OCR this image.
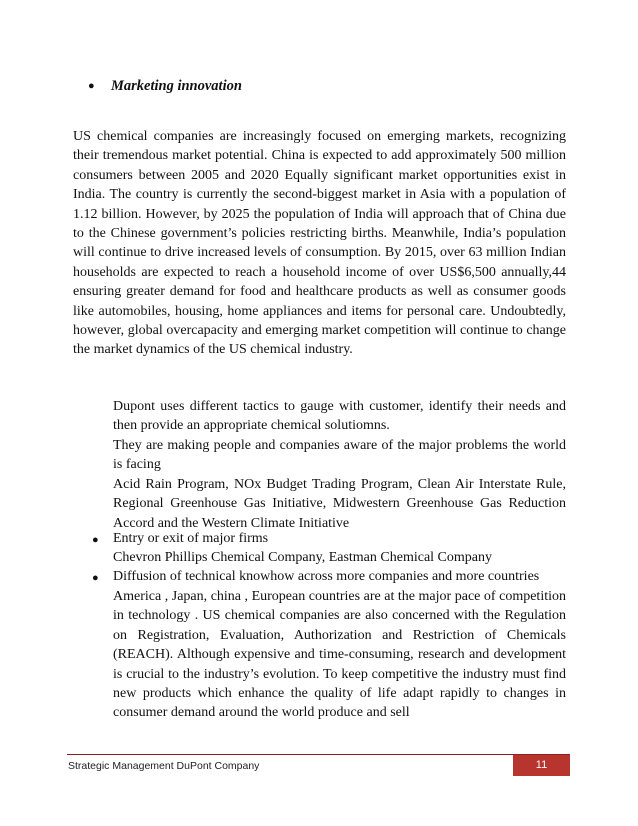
● Marketing innovation

US chemical companies are increasingly focused on emerging markets, recognizing their tremendous market potential. China is expected to add approximately 500 million consumers between 2005 and 2020 Equally significant market opportunities exist in India. The country is currently the second-biggest market in Asia with a population of 1.12 billion. However, by 2025 the population of India will approach that of China due to the Chinese government’s policies restricting births. Meanwhile, India’s population will continue to drive increased levels of consumption. By 2015, over 63 million Indian households are expected to reach a household income of over US$6,500 annually,44 ensuring greater demand for food and healthcare products as well as consumer goods like automobiles, housing, home appliances and items for personal care. Undoubtedly, however, global overcapacity and emerging market competition will continue to change the market dynamics of the US chemical industry.

Dupont uses different tactics to gauge with customer, identify their needs and then provide an appropriate chemical solutiomns.

They are making people and companies aware of the major problems the world is facing

Acid Rain Program, NOx Budget Trading Program, Clean Air Interstate Rule, Regional Greenhouse Gas Initiative, Midwestern Greenhouse Gas Reduction Accord and the Western Climate Initiative

● Entry or exit of major firms
Chevron Phillips Chemical Company, Eastman Chemical Company
● Diffusion of technical knowhow across more companies and more countries

America , Japan, china , European countries are at the major pace of competition in technology . US chemical companies are also concerned with the Regulation on Registration, Evaluation, Authorization and Restriction of Chemicals (REACH). Although expensive and time-consuming, research and development is crucial to the industry’s evolution. To keep competitive the industry must find new products which enhance the quality of life adapt rapidly to changes in consumer demand around the world produce and sell

Strategic Management DuPont Company	11
